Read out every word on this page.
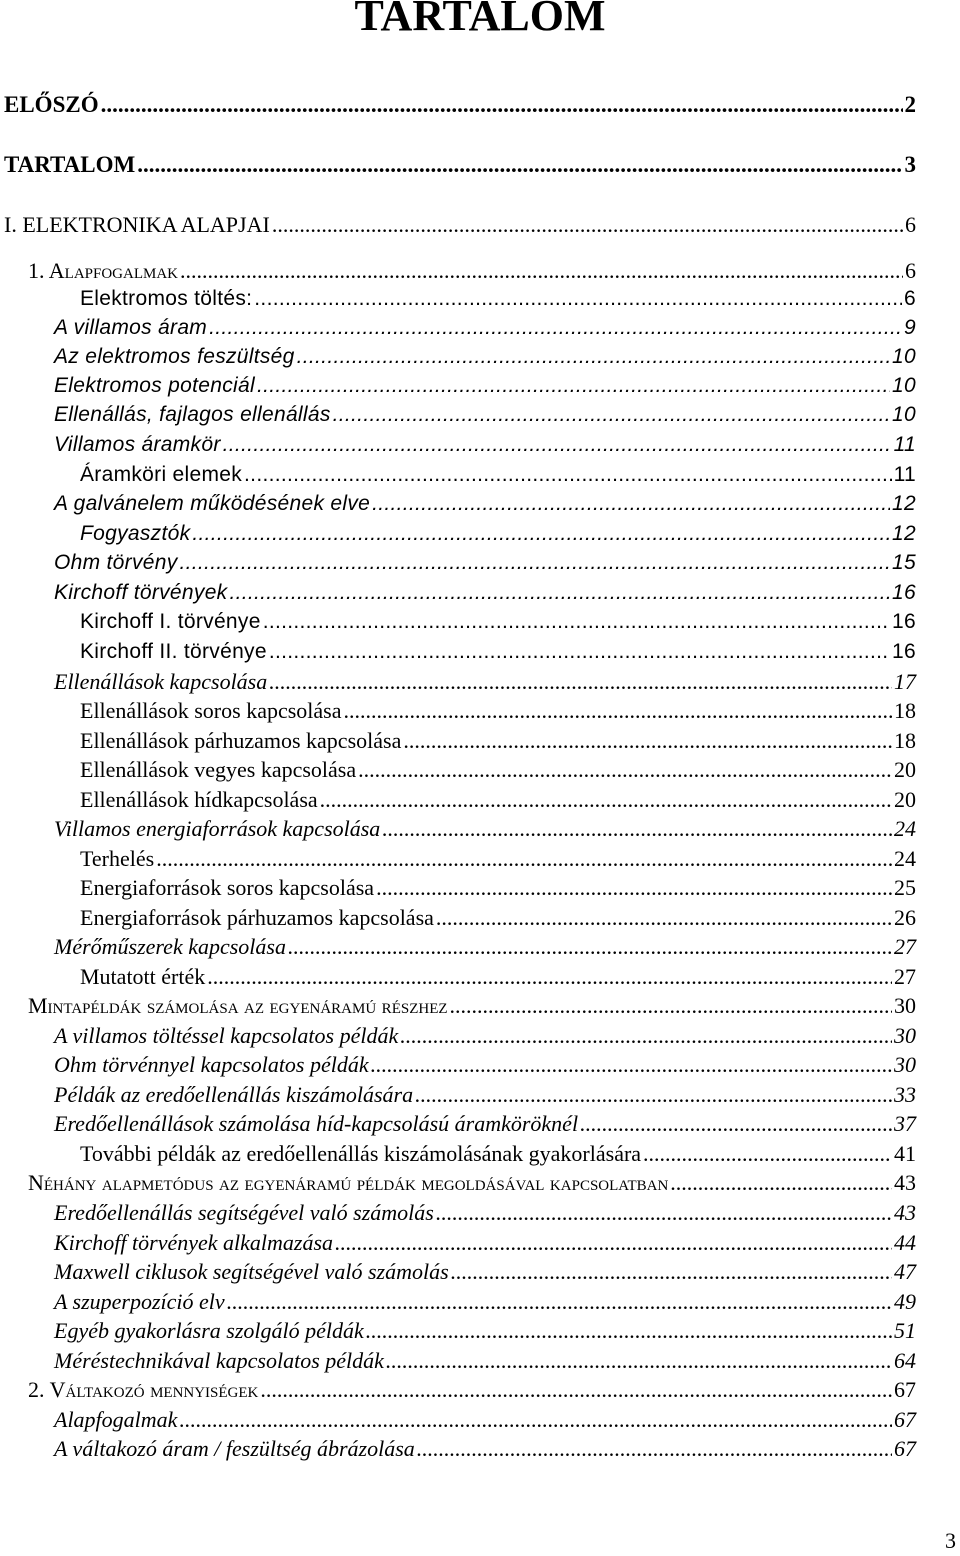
TARTALOM
ELŐSZÓ .....	2
TARTALOM .....	3
I. ELEKTRONIKA ALAPJAI .....	6
1. Alapfogalmak .....	6
Elektromos töltés: .....	6
A villamos áram .....	9
Az elektromos feszültség .....	10
Elektromos potenciál .....	10
Ellenállás, fajlagos ellenállás .....	10
Villamos áramkör .....	11
Áramköri elemek .....	11
A galvánelem működésének elve .....	12
Fogyasztók .....	12
Ohm törvény .....	15
Kirchoff törvények .....	16
Kirchoff I. törvénye .....	16
Kirchoff II. törvénye .....	16
Ellenállások kapcsolása .....	17
Ellenállások soros kapcsolása .....	18
Ellenállások párhuzamos kapcsolása .....	18
Ellenállások vegyes kapcsolása .....	20
Ellenállások hídkapcsolása .....	20
Villamos energiaforrások kapcsolása .....	24
Terhelés .....	24
Energiaforrások soros kapcsolása .....	25
Energiaforrások párhuzamos kapcsolása .....	26
Mérőműszerek kapcsolása .....	27
Mutatott érték .....	27
Mintapéldák számolása az egyenáramú részhez .....	30
A villamos töltéssel kapcsolatos példák .....	30
Ohm törvénnyel kapcsolatos példák .....	30
Példák az eredőellenállás kiszámolására .....	33
Eredőellenállások számolása híd-kapcsolású áramköröknél .....	37
További példák az eredőellenállás kiszámolásának gyakorlására .....	41
Néhány alapmetódus az egyenáramú példák megoldásával kapcsolatban .....	43
Eredőellenállás segítségével való számolás .....	43
Kirchoff törvények alkalmazása .....	44
Maxwell ciklusok segítségével való számolás .....	47
A szuperpozíció elv .....	49
Egyéb gyakorlásra szolgáló példák .....	51
Méréstechnikával kapcsolatos példák .....	64
2. Váltakozó mennyiségek .....	67
Alapfogalmak .....	67
A váltakozó áram / feszültség ábrázolása .....	67
3
